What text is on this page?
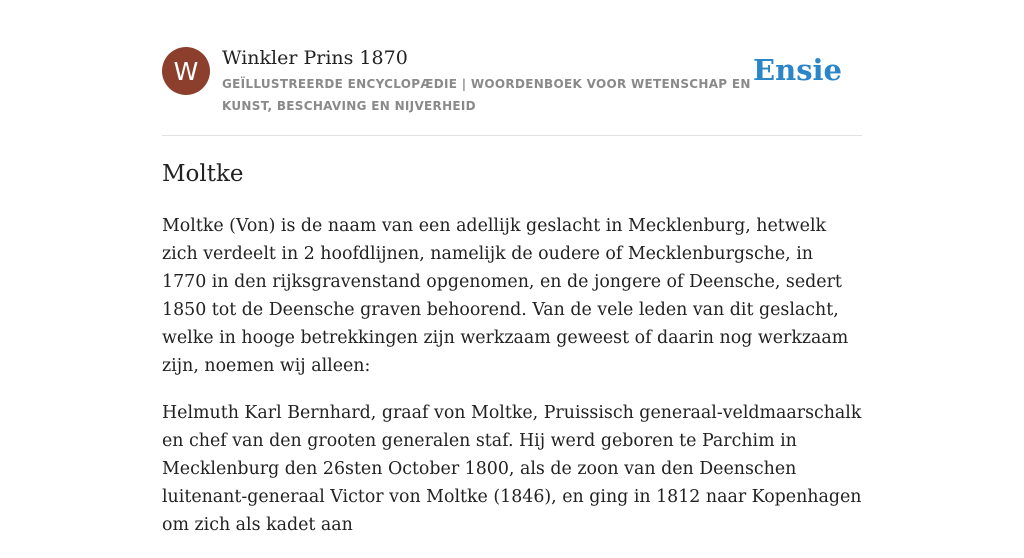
W Winkler Prins 1870
GEÏLLUSTREERDE ENCYCLOPÆDIE | WOORDENBOEK VOOR WETENSCHAP EN KUNST, BESCHAVING EN NIJVERHEID
Ensie
Moltke

Moltke (Von) is de naam van een adellijk geslacht in Mecklenburg, hetwelk zich verdeelt in 2 hoofdlijnen, namelijk de oudere of Mecklenburgsche, in 1770 in den rijksgravenstand opgenomen, en de jongere of Deensche, sedert 1850 tot de Deensche graven behoorend. Van de vele leden van dit geslacht, welke in hooge betrekkingen zijn werkzaam geweest of daarin nog werkzaam zijn, noemen wij alleen:

Helmuth Karl Bernhard, graaf von Moltke, Pruissisch generaal-veldmaarschalk en chef van den grooten generalen staf. Hij werd geboren te Parchim in Mecklenburg den 26sten October 1800, als de zoon van den Deenschen luitenant-generaal Victor von Moltke (1846), en ging in 1812 naar Kopenhagen om zich als kadet aan
